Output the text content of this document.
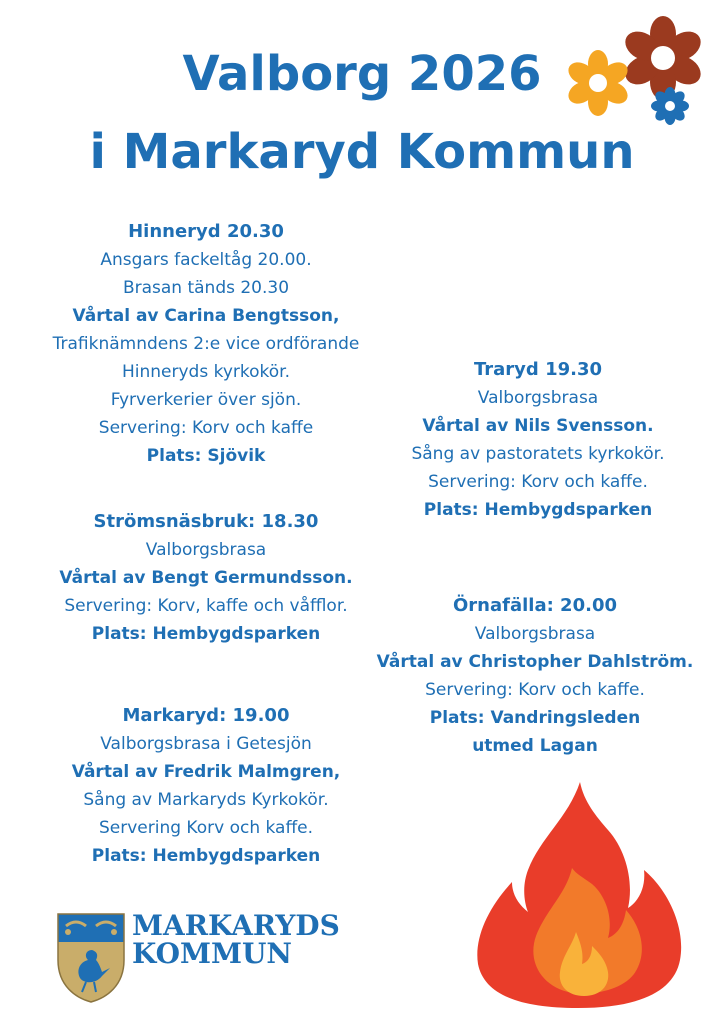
Valborg 2026
i Markaryd Kommun
Hinneryd 20.30
Ansgars fackeltåg 20.00.
Brasan tänds 20.30
Vårtal av Carina Bengtsson,
Trafiknämndens 2:e vice ordförande
Hinneryds kyrkokör.
Fyrverkerier över sjön.
Servering: Korv och kaffe
Plats: Sjövik
Strömsnäsbruk: 18.30
Valborgsbrasa
Vårtal av Bengt Germundsson.
Servering: Korv, kaffe och våfflor.
Plats: Hembygdsparken
Markaryd: 19.00
Valborgsbrasa i Getesjön
Vårtal av Fredrik Malmgren,
Sång av Markaryds Kyrkokör.
Servering Korv och kaffe.
Plats: Hembygdsparken
Traryd 19.30
Valborgsbrasa
Vårtal av Nils Svensson.
Sång av pastoratets kyrkokör.
Servering: Korv och kaffe.
Plats: Hembygdsparken
Örnafälla: 20.00
Valborgsbrasa
Vårtal av Christopher Dahlström.
Servering: Korv och kaffe.
Plats: Vandringsleden
utmed Lagan
MARKARYDS
KOMMUN
